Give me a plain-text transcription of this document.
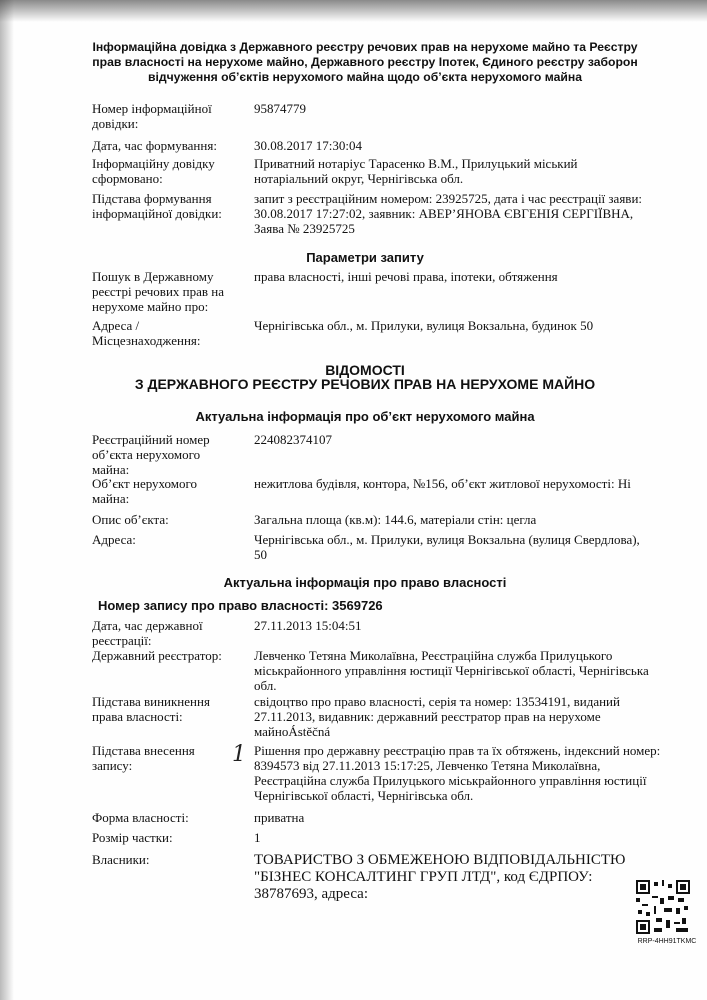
Інформаційна довідка з Державного реєстру речових прав на нерухоме майно та Реєстру
прав власності на нерухоме майно, Державного реєстру Іпотек, Єдиного реєстру заборон
відчуження об’єктів нерухомого майна щодо об’єкта нерухомого майна
Номер інформаційної довідки:
95874779
Дата, час формування:	30.08.2017 17:30:04
Інформаційну довідку сформовано:
Приватний нотаріус Тарасенко В.М., Прилуцький міський нотаріальний округ, Чернігівська обл.
Підстава формування інформаційної довідки:
запит з реєстраційним номером: 23925725, дата і час реєстрації заяви: 30.08.2017 17:27:02, заявник: АВЕР’ЯНОВА ЄВГЕНІЯ СЕРГІЇВНА, Заява № 23925725
Параметри запиту
Пошук в Державному реєстрі речових прав на нерухоме майно про:
права власності, інші речові права, іпотеки, обтяження
Адреса / Місцезнаходження:
Чернігівська обл., м. Прилуки, вулиця Вокзальна, будинок 50
ВІДОМОСТІ
З ДЕРЖАВНОГО РЕЄСТРУ РЕЧОВИХ ПРАВ НА НЕРУХОМЕ МАЙНО
Актуальна інформація про об’єкт нерухомого майна
Реєстраційний номер об’єкта нерухомого майна:
224082374107
Об’єкт нерухомого майна:
нежитлова будівля, контора, №156, об’єкт житлової нерухомості: Ні
Опис об’єкта:	Загальна площа (кв.м): 144.6, матеріали стін: цегла
Адреса:	Чернігівська обл., м. Прилуки, вулиця Вокзальна (вулиця Свердлова), 50
Актуальна інформація про право власності
Номер запису про право власності: 3569726
Дата, час державної реєстрації:
27.11.2013 15:04:51
Державний реєстратор:	Левченко Тетяна Миколаївна, Реєстраційна служба Прилуцького міськрайонного управління юстиції Чернігівської області, Чернігівська обл.
Підстава виникнення права власності:
свідоцтво про право власності, серія та номер: 13534191, виданий 27.11.2013, видавник: державний реєстратор прав на нерухоме майноÁstěčná
1
Підстава внесення запису:
Рішення про державну реєстрацію прав та їх обтяжень, індексний номер: 8394573 від 27.11.2013 15:17:25, Левченко Тетяна Миколаївна, Реєстраційна служба Прилуцького міськрайонного управління юстиції Чернігівської області, Чернігівська обл.
Форма власності:	приватна
Розмір частки:	1
Власники:	ТОВАРИСТВО З ОБМЕЖЕНОЮ ВІДПОВІДАЛЬНІСТЮ "БІЗНЕС КОНСАЛТИНГ ГРУП ЛТД", код ЄДРПОУ: 38787693, адреса:
RRP-4HH91TKMC
